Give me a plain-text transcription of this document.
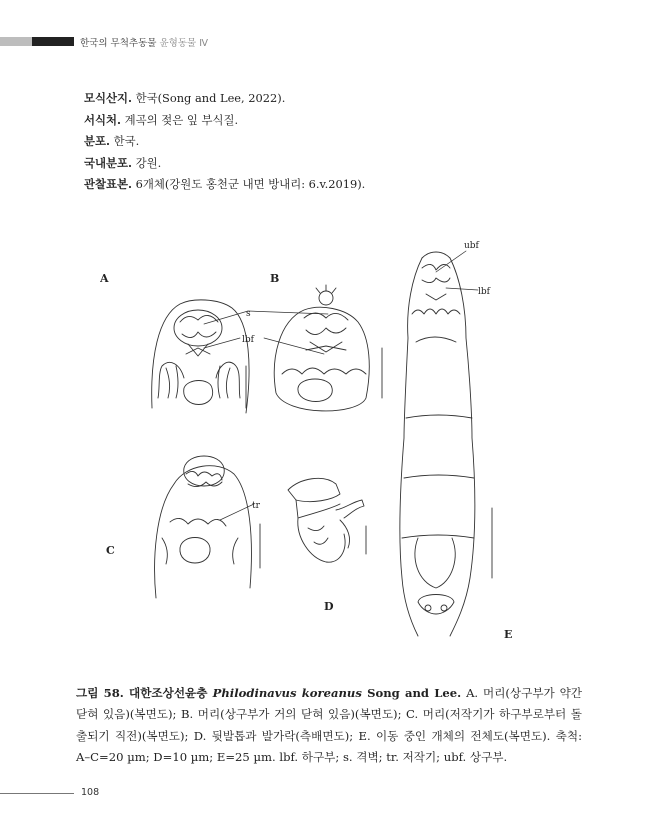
한국의 무척추동물 윤형동물 Ⅳ
모식산지. 한국(Song and Lee, 2022).
서식처. 계곡의 젖은 잎 부식질.
분포. 한국.
국내분포. 강원.
관찰표본. 6개체(강원도 홍천군 내면 방내리: 6.v.2019).
A	B
C
D
E
s
lbf
tr
ubf
lbf
그림 58. 대한조상선윤충 Philodinavus koreanus Song and Lee. A. 머리(상구부가 약간 닫혀 있음)(복면도); B. 머리(상구부가 거의 닫혀 있음)(복면도); C. 머리(저작기가 하구부로부터 돌출되기 직전)(복면도); D. 뒷발톱과 발가락(측배면도); E. 이동 중인 개체의 전체도(복면도). 축척: A–C=20 µm; D=10 µm; E=25 µm. lbf. 하구부; s. 격벽; tr. 저작기; ubf. 상구부.
108
